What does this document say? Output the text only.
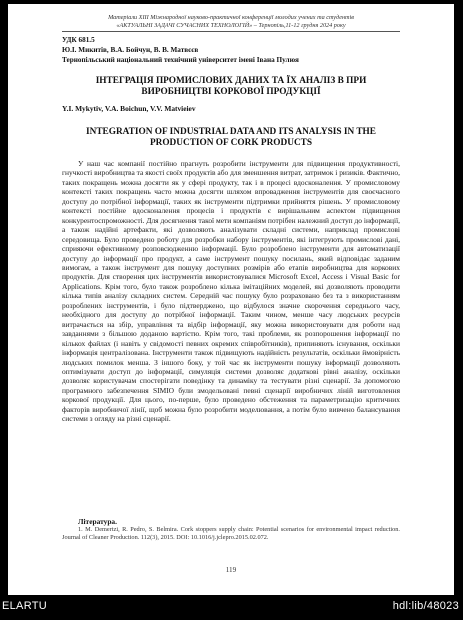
Матеріали XIII Міжнародної науково-практичної конференції молодих учених та студентів
«АКТУАЛЬНІ ЗАДАЧІ СУЧАСНИХ ТЕХНОЛОГІЙ» – Тернопіль,11-12 грудня 2024 року
УДК 681.5
Ю.І. Микитів, В.А. Бойчун, В. В. Матвєєв
Тернопільський національний технічний університет імені Івана Пулюя
ІНТЕГРАЦІЯ ПРОМИСЛОВИХ ДАНИХ ТА ЇХ АНАЛІЗ В ПРИ ВИРОБНИЦТВІ КОРКОВОЇ ПРОДУКЦІЇ
Y.I. Mykytiv, V.A. Boichun, V.V. Matvieiev
INTEGRATION OF INDUSTRIAL DATA AND ITS ANALYSIS IN THE PRODUCTION OF CORK PRODUCTS

У наш час компанії постійно прагнуть розробити інструменти для підвищення продуктивності, гнучкості виробництва та якості своїх продуктів або для зменшення витрат, затримок і ризиків. Фактично, таких покращень можна досягти як у сфері продукту, так і в процесі вдосконалення. У промисловому контексті таких покращень часто можна досягти шляхом впровадження інструментів для своєчасного доступу до потрібної інформації, таких як інструменти підтримки прийняття рішень. У промисловому контексті постійне вдосконалення процесів і продуктів є вирішальним аспектом підвищення конкурентоспроможності. Для досягнення такої мети компаніям потрібен належний доступ до інформації, а також надійні артефакти, які дозволяють аналізувати складні системи, наприклад промислові середовища. Було проведено роботу для розробки набору інструментів, які інтегрують промислові дані, сприяючи ефективному розповсюдженню інформації. Було розроблено інструменти для автоматизації доступу до інформації про продукт, а саме інструмент пошуку посилань, який відповідає заданим вимогам, а також інструмент для пошуку доступних розмірів або етапів виробництва для коркових продуктів. Для створення цих інструментів використовувалися Microsoft Excel, Access і Visual Basic for Applications. Крім того, було також розроблено кілька імітаційних моделей, які дозволяють проводити кілька типів аналізу складних систем. Середній час пошуку було розраховано без та з використанням розроблених інструментів, і було підтверджено, що відбулося значне скорочення середнього часу, необхідного для доступу до потрібної інформації. Таким чином, менше часу людських ресурсів витрачається на збір, управління та відбір інформації, яку можна використовувати для роботи над завданнями з більшою доданою вартістю. Крім того, такі проблеми, як розпорошення інформації по кількох файлах (і навіть у свідомості певних окремих співробітників), припиняють існування, оскільки інформація централізована. Інструменти також підвищують надійність результатів, оскільки ймовірність людських помилок менша. З іншого боку, у той час як інструменти пошуку інформації дозволяють оптимізувати доступ до інформації, симуляція системи дозволяє додаткові рівні аналізу, оскільки дозволяє користувачам спостерігати поведінку та динаміку та тестувати різні сценарії. За допомогою програмного забезпечення SIMIO були змодельовані певні сценарії виробничих ліній виготовлення коркової продукції. Для цього, по-перше, було проведено обстеження та параметризацію критичних факторів виробничої лінії, щоб можна було розробити моделювання, а потім було вивчено балансування системи з огляду на різні сценарії.

Література.

1. M. Demertzi, R. Pedro, S. Belmira. Cork stoppers supply chain: Potential scenarios for environmental impact reduction. Journal of Cleaner Production. 112(3), 2015. DOI: 10.1016/j.jclepro.2015.02.072.

119
ELARTU	hdl:lib/48023
